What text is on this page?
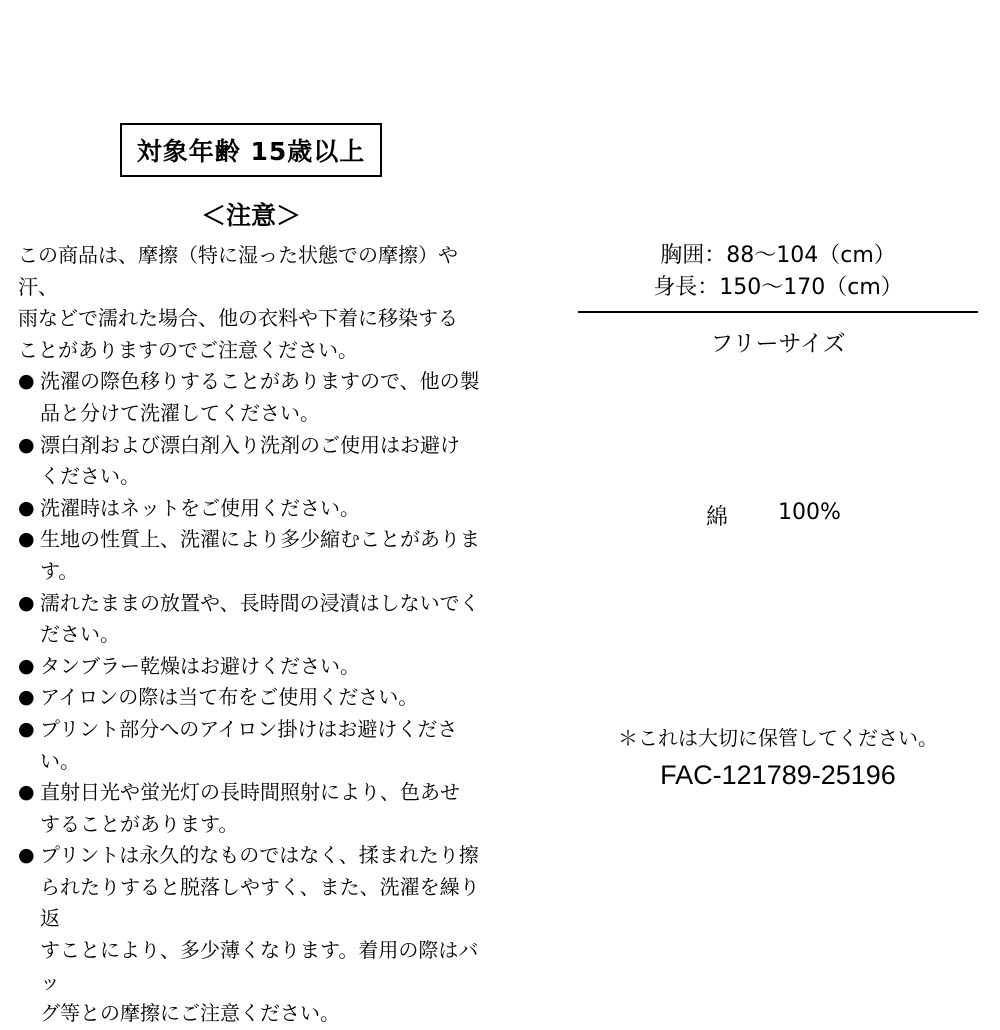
対象年齢 15歳以上
＜注意＞
この商品は、摩擦（特に湿った状態での摩擦）や汗、
雨などで濡れた場合、他の衣料や下着に移染する
ことがありますのでご注意ください。
● 洗濯の際色移りすることがありますので、他の製
品と分けて洗濯してください。
● 漂白剤および漂白剤入り洗剤のご使用はお避け
ください。
● 洗濯時はネットをご使用ください。
● 生地の性質上、洗濯により多少縮むことがありま
す。
● 濡れたままの放置や、長時間の浸漬はしないでく
ださい。
● タンブラー乾燥はお避けください。
● アイロンの際は当て布をご使用ください。
● プリント部分へのアイロン掛けはお避けください。
● 直射日光や蛍光灯の長時間照射により、色あせ
することがあります。
● プリントは永久的なものではなく、揉まれたり擦
られたりすると脱落しやすく、また、洗濯を繰り返
すことにより、多少薄くなります。着用の際はバッ
グ等との摩擦にご注意ください。
胸囲：88〜104（cm）
身長：150〜170（cm）
フリーサイズ
綿 100%
＊これは大切に保管してください。
FAC-121789-25196
